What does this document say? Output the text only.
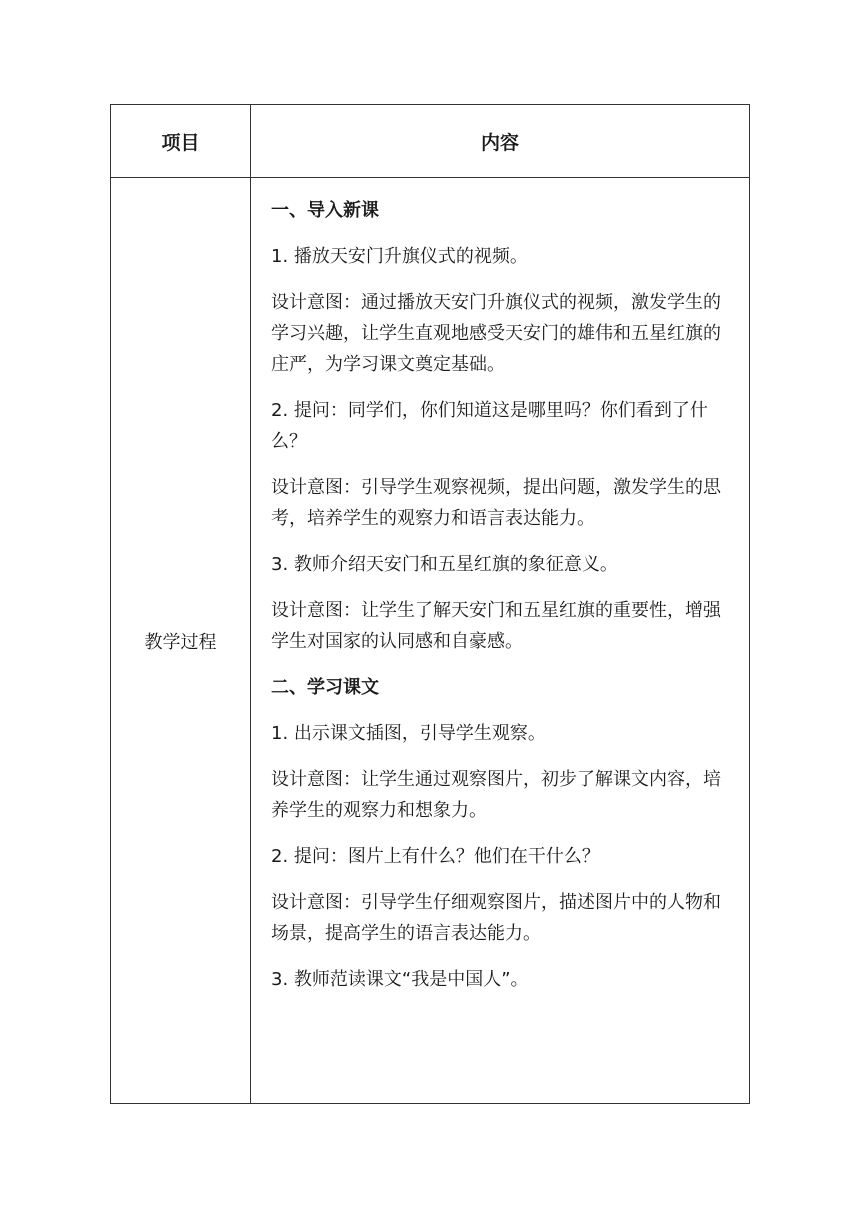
项目	内容
教学过程

一、导入新课

1. 播放天安门升旗仪式的视频。

设计意图：通过播放天安门升旗仪式的视频，激发学生的学习兴趣，让学生直观地感受天安门的雄伟和五星红旗的庄严，为学习课文奠定基础。

2. 提问：同学们，你们知道这是哪里吗？你们看到了什么？

设计意图：引导学生观察视频，提出问题，激发学生的思考，培养学生的观察力和语言表达能力。

3. 教师介绍天安门和五星红旗的象征意义。

设计意图：让学生了解天安门和五星红旗的重要性，增强学生对国家的认同感和自豪感。

二、学习课文

1. 出示课文插图，引导学生观察。

设计意图：让学生通过观察图片，初步了解课文内容，培养学生的观察力和想象力。

2. 提问：图片上有什么？他们在干什么？

设计意图：引导学生仔细观察图片，描述图片中的人物和场景，提高学生的语言表达能力。

3. 教师范读课文“我是中国人”。
